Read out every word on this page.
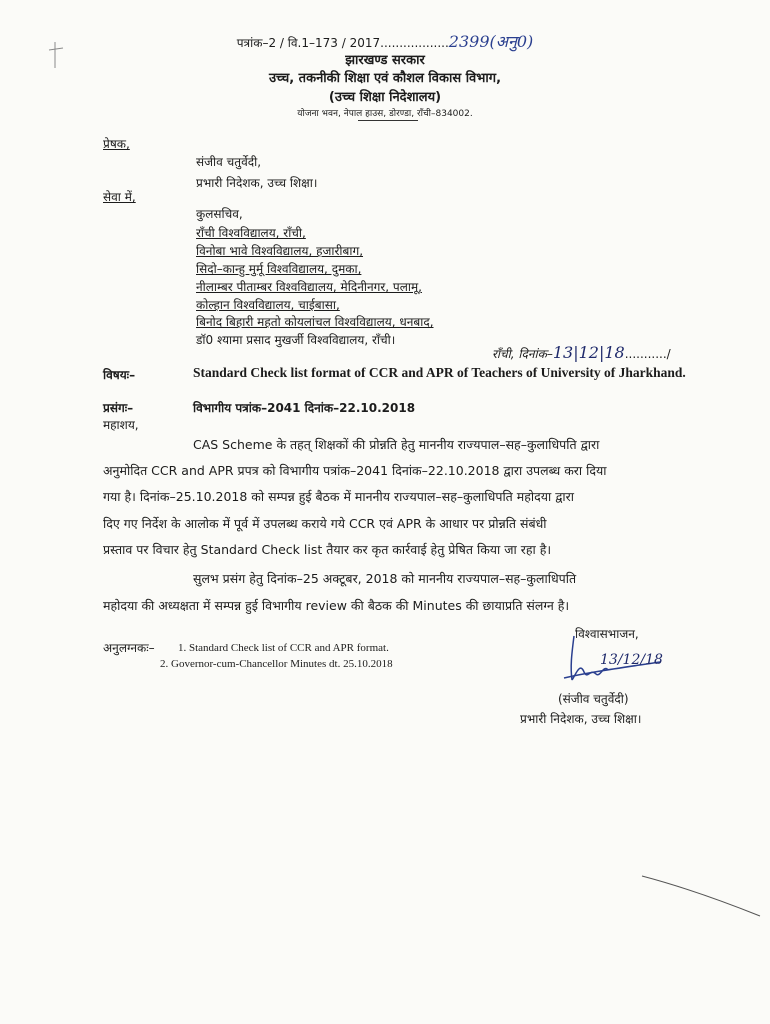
पत्रांक–2 / वि.1–173 / 2017..................2399(अनु0)
झारखण्ड सरकार
उच्च, तकनीकी शिक्षा एवं कौशल विकास विभाग,
(उच्च शिक्षा निदेशालय)
योजना भवन, नेपाल हाउस, डोरण्डा, राँची–834002.
प्रेषक,
संजीव चतुर्वेदी,
प्रभारी निदेशक, उच्च शिक्षा।
सेवा में,
कुलसचिव,
राँची विश्वविद्यालय, राँची,
विनोबा भावे विश्वविद्यालय, हजारीबाग,
सिदो–कान्हु मुर्मू विश्वविद्यालय, दुमका,
नीलाम्बर पीताम्बर विश्वविद्यालय, मेदिनीनगर, पलामू,
कोल्हान विश्वविद्यालय, चाईबासा,
बिनोद बिहारी महतो कोयलांचल विश्वविद्यालय, धनबाद,
डॉ0 श्यामा प्रसाद मुखर्जी विश्वविद्यालय, राँची।
राँची, दिनांक–13|12|18.........../
विषयः–	Standard Check list format of CCR and APR of Teachers of University of Jharkhand.
प्रसंगः–	विभागीय पत्रांक–2041 दिनांक–22.10.2018
महाशय,
CAS Scheme के तहत् शिक्षकों की प्रोन्नति हेतु माननीय राज्यपाल–सह–कुलाधिपति द्वारा
अनुमोदित CCR and APR प्रपत्र को विभागीय पत्रांक–2041 दिनांक–22.10.2018 द्वारा उपलब्ध करा दिया
गया है। दिनांक–25.10.2018 को सम्पन्न हुई बैठक में माननीय राज्यपाल–सह–कुलाधिपति महोदया द्वारा
दिए गए निर्देश के आलोक में पूर्व में उपलब्ध कराये गये CCR एवं APR के आधार पर प्रोन्नति संबंधी
प्रस्ताव पर विचार हेतु Standard Check list तैयार कर कृत कार्रवाई हेतु प्रेषित किया जा रहा है।
सुलभ प्रसंग हेतु दिनांक–25 अक्टूबर, 2018 को माननीय राज्यपाल–सह–कुलाधिपति
महोदया की अध्यक्षता में सम्पन्न हुई विभागीय review की बैठक की Minutes की छायाप्रति संलग्न है।
विश्वासभाजन,
13/12/18
(संजीव चतुर्वेदी)
प्रभारी निदेशक, उच्च शिक्षा।
अनुलग्नकः– 1. Standard Check list of CCR and APR format.
2. Governor-cum-Chancellor Minutes dt. 25.10.2018
